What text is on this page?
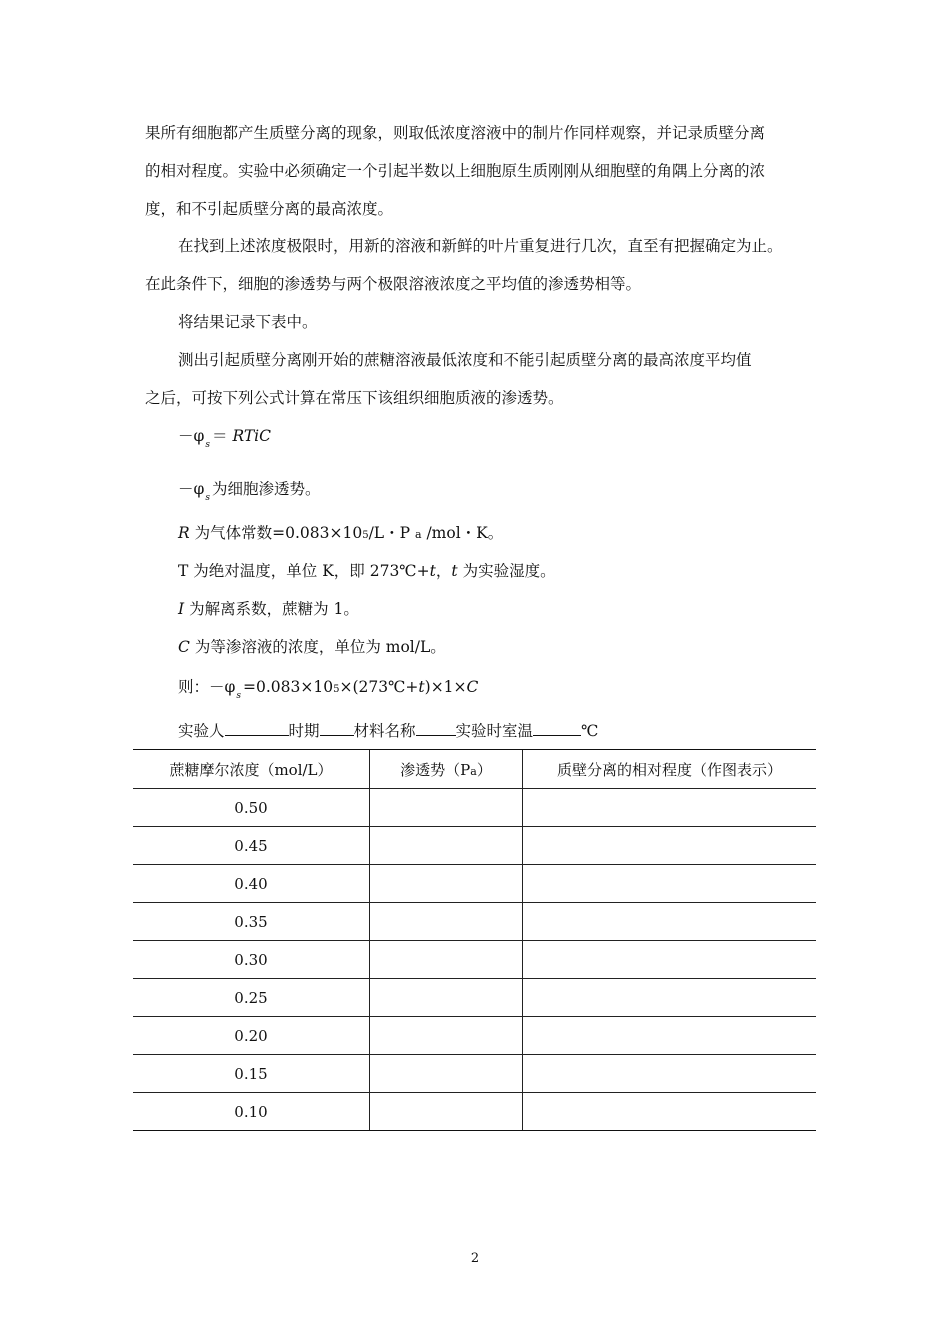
果所有细胞都产生质壁分离的现象，则取低浓度溶液中的制片作同样观察，并记录质壁分离
的相对程度。实验中必须确定一个引起半数以上细胞原生质刚刚从细胞壁的角隅上分离的浓
度，和不引起质壁分离的最高浓度。
在找到上述浓度极限时，用新的溶液和新鲜的叶片重复进行几次，直至有把握确定为止。
在此条件下，细胞的渗透势与两个极限溶液浓度之平均值的渗透势相等。
将结果记录下表中。
测出引起质壁分离刚开始的蔗糖溶液最低浓度和不能引起质壁分离的最高浓度平均值
之后，可按下列公式计算在常压下该组织细胞质液的渗透势。
$-\varphi_s$ ＝ RTiC
$-\varphi_s$ 为细胞渗透势。
R 为气体常数=0.083×105/L・P a /mol・K。
T 为绝对温度，单位 K，即 273℃+t，t 为实验湿度。
I 为解离系数，蔗糖为 1。
C 为等渗溶液的浓度，单位为 mol/L。
则：$-\varphi_s$ =0.083×105×(273℃+t)×1×C
实验人	时期 材料名称	实验时室温	℃
蔗糖摩尔浓度（mol/L）	渗透势（Pa）	质壁分离的相对程度（作图表示）
0.50		
0.45		
0.40		
0.35		
0.30		
0.25		
0.20		
0.15		
0.10		
2
